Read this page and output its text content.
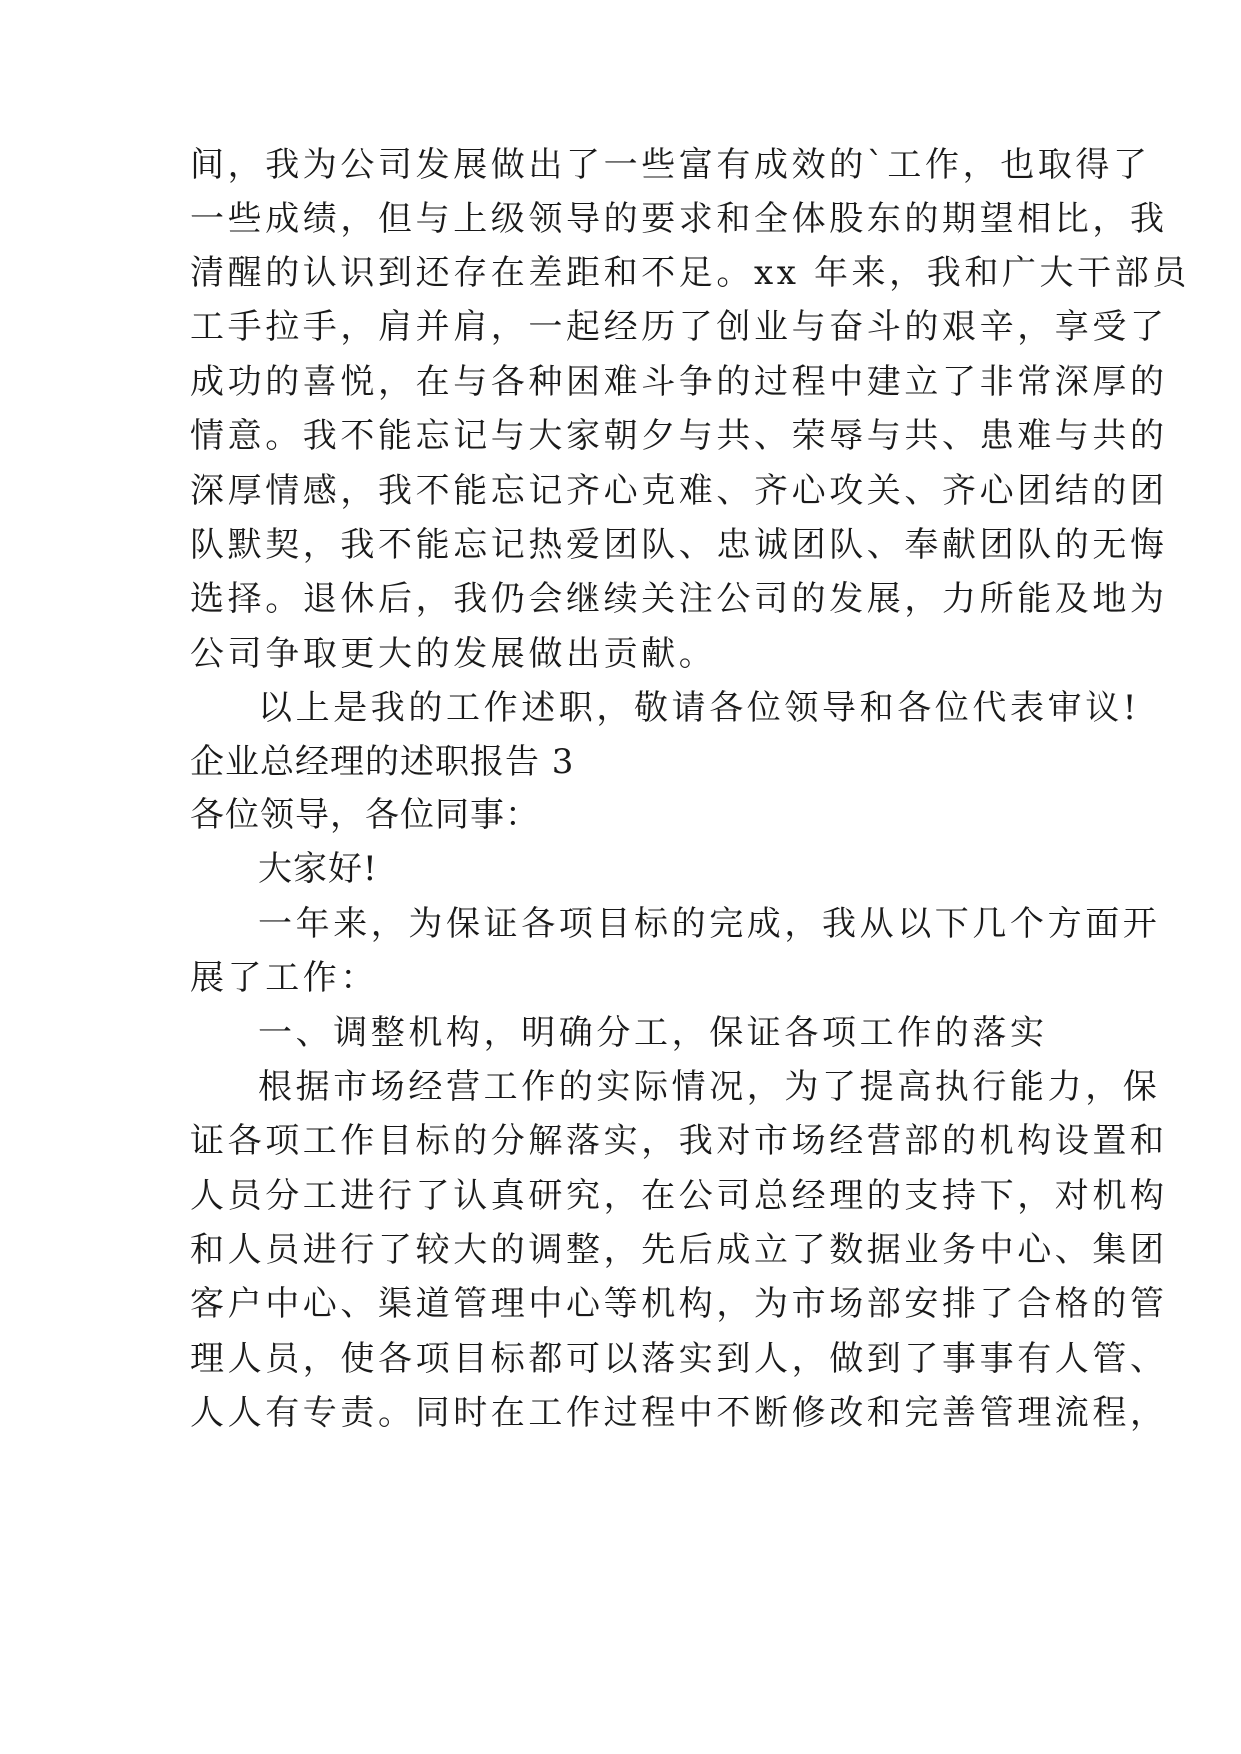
间，我为公司发展做出了一些富有成效的`工作，也取得了
一些成绩，但与上级领导的要求和全体股东的期望相比，我
清醒的认识到还存在差距和不足。xx 年来，我和广大干部员
工手拉手，肩并肩，一起经历了创业与奋斗的艰辛，享受了
成功的喜悦，在与各种困难斗争的过程中建立了非常深厚的
情意。我不能忘记与大家朝夕与共、荣辱与共、患难与共的
深厚情感，我不能忘记齐心克难、齐心攻关、齐心团结的团
队默契，我不能忘记热爱团队、忠诚团队、奉献团队的无悔
选择。退休后，我仍会继续关注公司的发展，力所能及地为
公司争取更大的发展做出贡献。
以上是我的工作述职，敬请各位领导和各位代表审议!
企业总经理的述职报告 3
各位领导，各位同事：
大家好!
一年来，为保证各项目标的完成，我从以下几个方面开
展了工作：
一、调整机构，明确分工，保证各项工作的落实
根据市场经营工作的实际情况，为了提高执行能力，保
证各项工作目标的分解落实，我对市场经营部的机构设置和
人员分工进行了认真研究，在公司总经理的支持下，对机构
和人员进行了较大的调整，先后成立了数据业务中心、集团
客户中心、渠道管理中心等机构，为市场部安排了合格的管
理人员，使各项目标都可以落实到人，做到了事事有人管、
人人有专责。同时在工作过程中不断修改和完善管理流程，
